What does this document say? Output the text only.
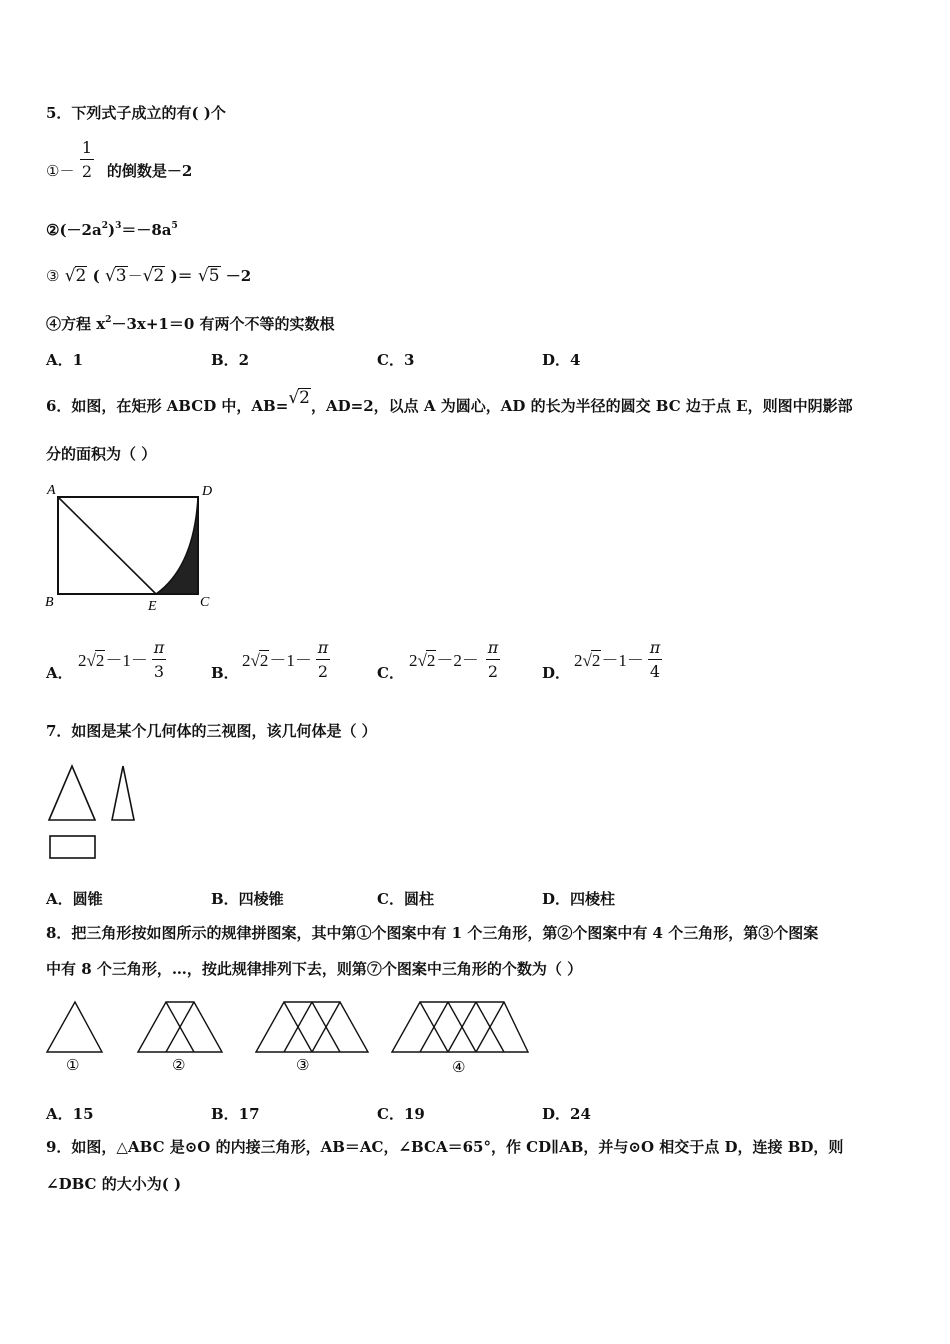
5．下列式子成立的有( )个
①－ 的倒数是－2
1
2
$②(-2a^2)^3=-8a^5$
③ √2 ( √3－√2 )＝ √5 －2
④方程 $x^2-3x+1=0$ 有两个不等的实数根
A．1	B．2	C．3	D．4
6．如图，在矩形 ABCD 中，AB=√2，AD=2，以点 A 为圆心，AD 的长为半径的圆交 BC 边于点 E，则图中阴影部
分的面积为（ ）
A	D
B	E	C
A．
2√2－1－
π
3	B．
2√2－1－
π
2	C．
2√2－2－
π
2	D．
2√2－1－
π
4
7．如图是某个几何体的三视图，该几何体是（ ）
A．圆锥	B．四棱锥	C．圆柱	D．四棱柱
8．把三角形按如图所示的规律拼图案，其中第①个图案中有 1 个三角形，第②个图案中有 4 个三角形，第③个图案
中有 8 个三角形，…，按此规律排列下去，则第⑦个图案中三角形的个数为（ ）
①	②	③	④
A．15	B．17	C．19	D．24
9．如图，△ABC 是⊙O 的内接三角形，AB＝AC，∠BCA＝65°，作 CD∥AB，并与⊙O 相交于点 D，连接 BD，则
∠DBC 的大小为( )
